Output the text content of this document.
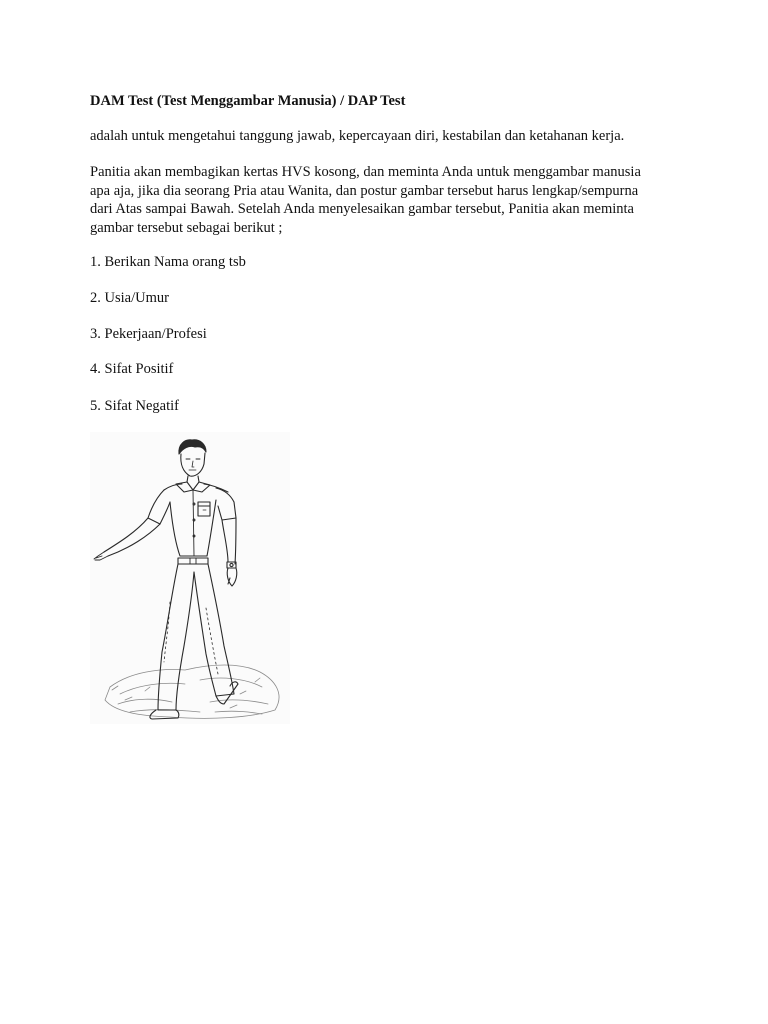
DAM Test (Test Menggambar Manusia) / DAP Test

adalah untuk mengetahui tanggung jawab, kepercayaan diri, kestabilan dan ketahanan kerja.

Panitia akan membagikan kertas HVS kosong, dan meminta Anda untuk menggambar manusia
apa aja, jika dia seorang Pria atau Wanita, dan postur gambar tersebut harus lengkap/sempurna
dari Atas sampai Bawah. Setelah Anda menyelesaikan gambar tersebut, Panitia akan meminta
gambar tersebut sebagai berikut ;

1. Berikan Nama orang tsb

2. Usia/Umur

3. Pekerjaan/Profesi

4. Sifat Positif

5. Sifat Negatif
